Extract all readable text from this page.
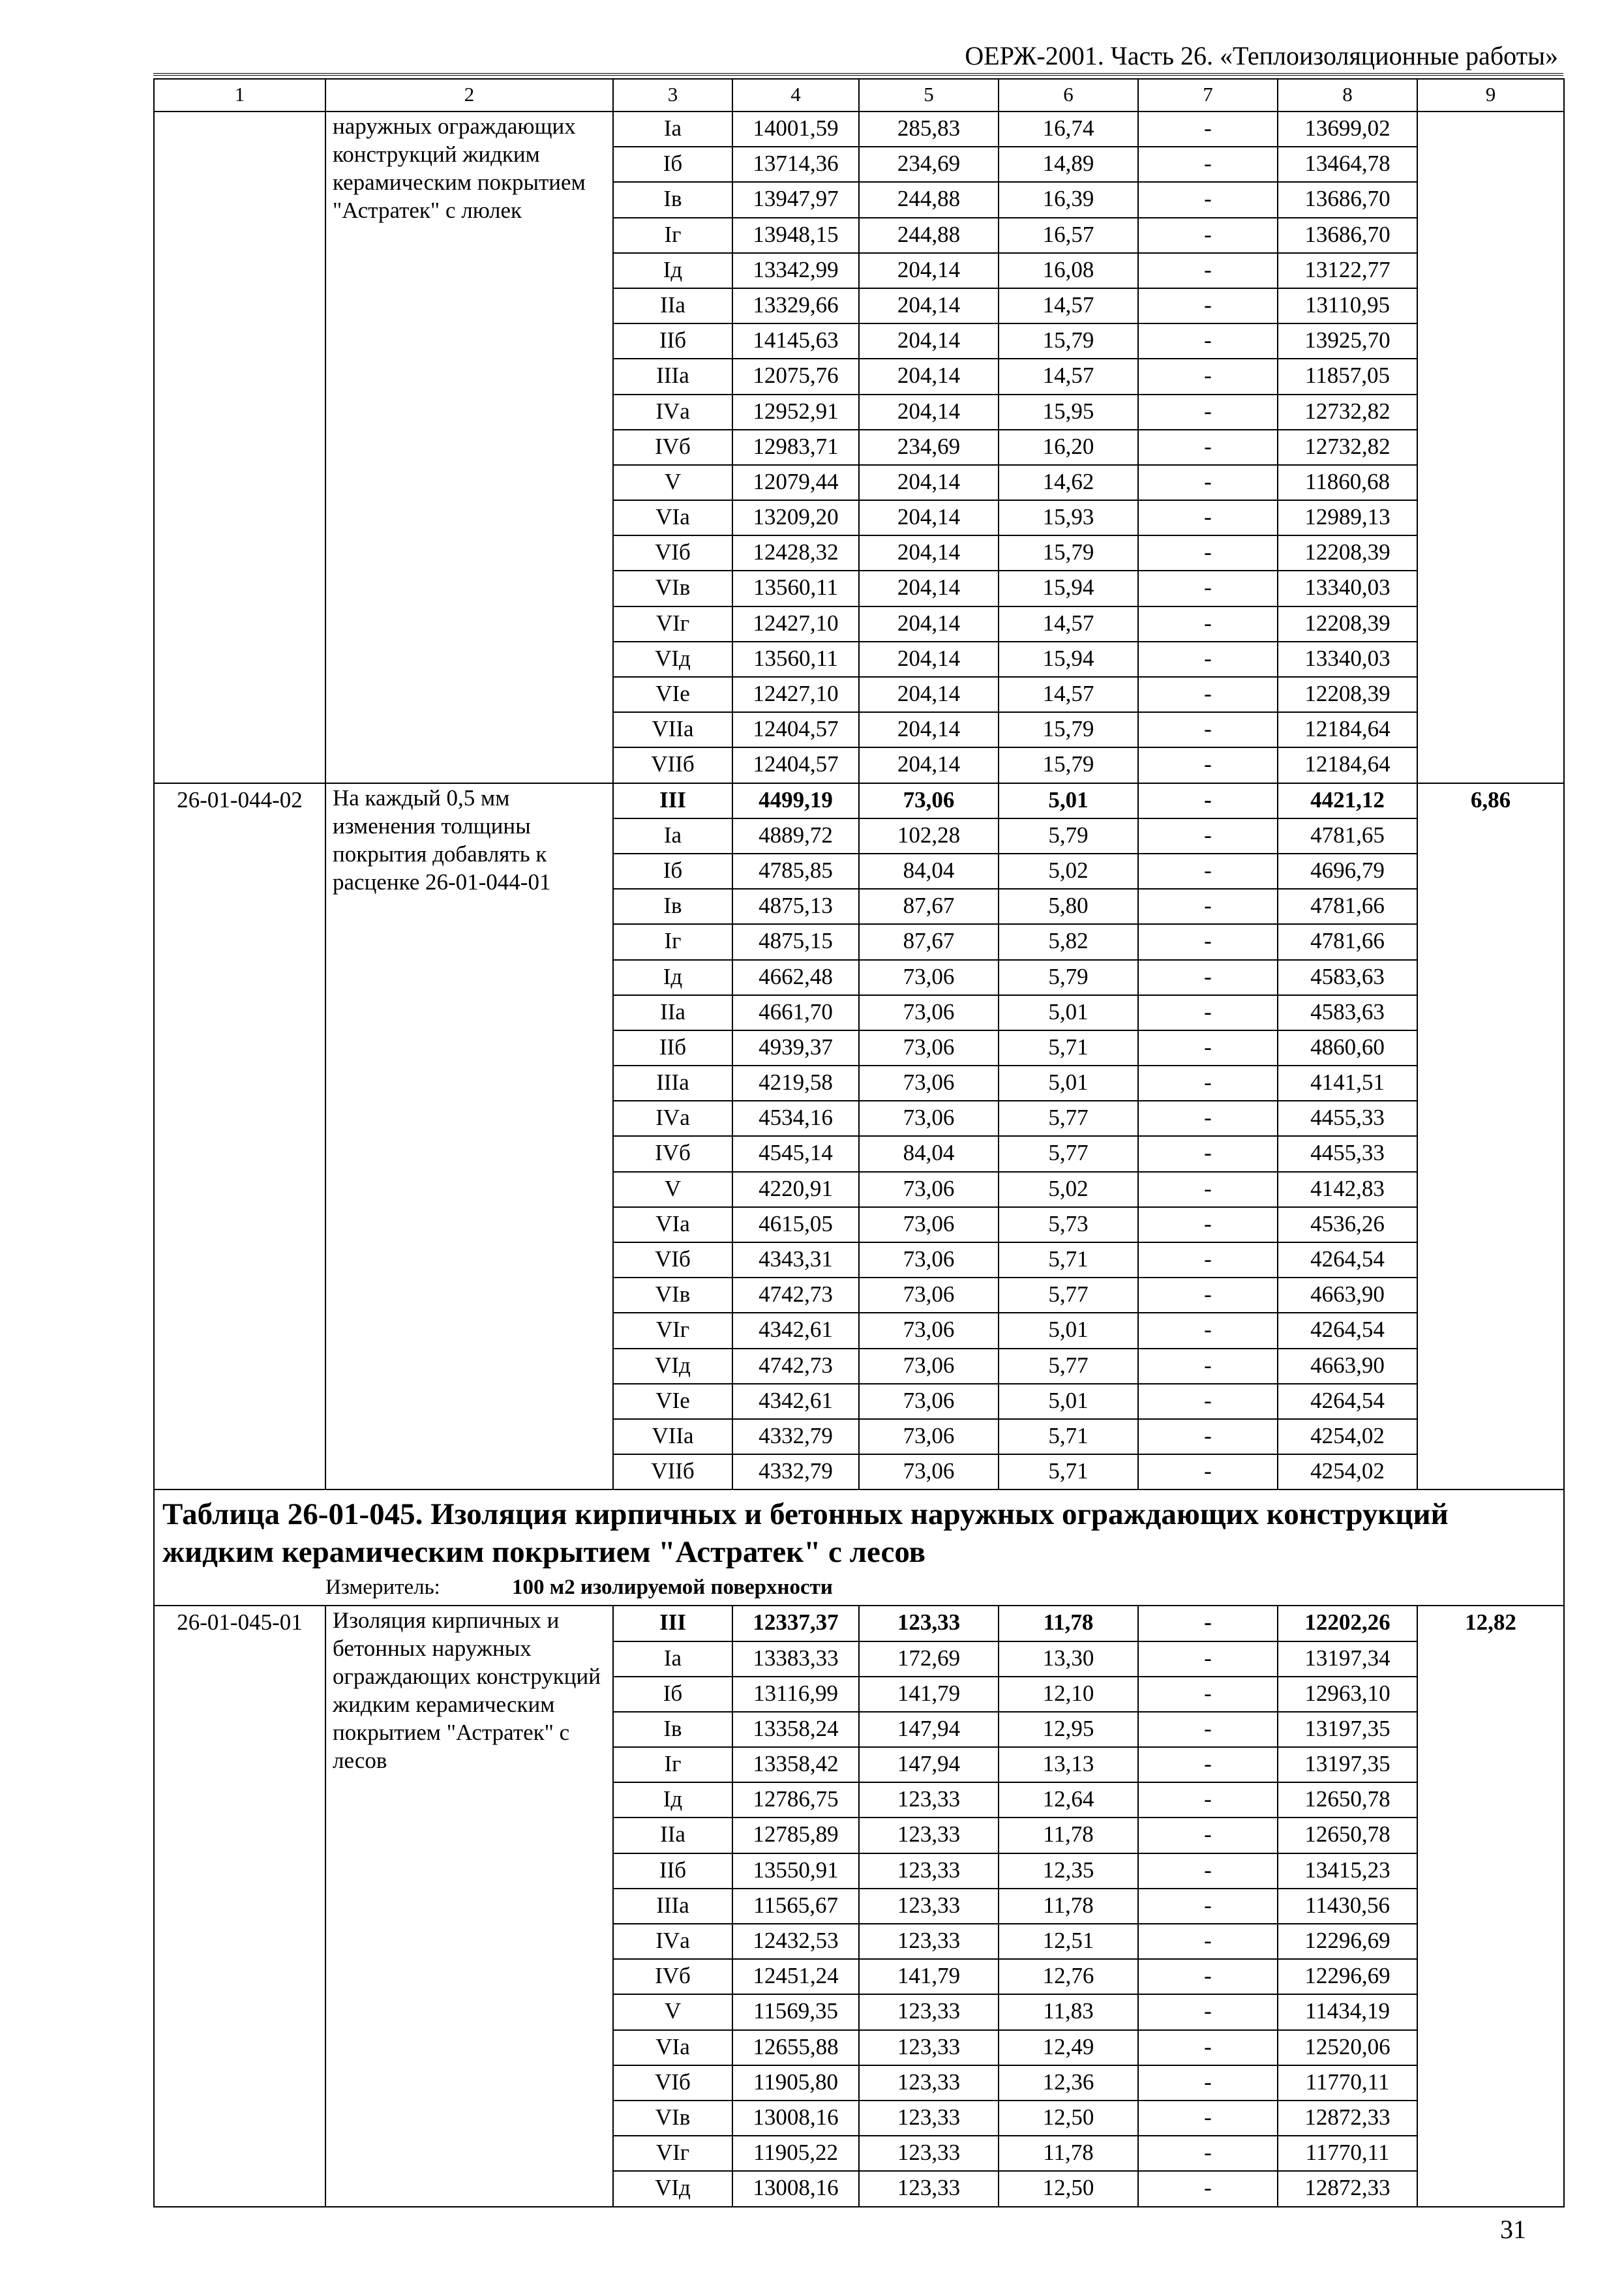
ОЕРЖ-2001. Часть 26. «Теплоизоляционные работы»
1	2	3	4	5	6	7	8	9
	наружных ограждающих конструкций жидким керамическим покрытием "Астратек" с люлек	Iа	14001,59	285,83	16,74	-	13699,02	
		Iб	13714,36	234,69	14,89	-	13464,78	
		Iв	13947,97	244,88	16,39	-	13686,70	
		Iг	13948,15	244,88	16,57	-	13686,70	
		Iд	13342,99	204,14	16,08	-	13122,77	
		IIа	13329,66	204,14	14,57	-	13110,95	
		IIб	14145,63	204,14	15,79	-	13925,70	
		IIIа	12075,76	204,14	14,57	-	11857,05	
		IVа	12952,91	204,14	15,95	-	12732,82	
		IVб	12983,71	234,69	16,20	-	12732,82	
		V	12079,44	204,14	14,62	-	11860,68	
		VIа	13209,20	204,14	15,93	-	12989,13	
		VIб	12428,32	204,14	15,79	-	12208,39	
		VIв	13560,11	204,14	15,94	-	13340,03	
		VIг	12427,10	204,14	14,57	-	12208,39	
		VIд	13560,11	204,14	15,94	-	13340,03	
		VIе	12427,10	204,14	14,57	-	12208,39	
		VIIа	12404,57	204,14	15,79	-	12184,64	
		VIIб	12404,57	204,14	15,79	-	12184,64	
26-01-044-02	На каждый 0,5 мм изменения толщины покрытия добавлять к расценке 26-01-044-01	III	4499,19	73,06	5,01	-	4421,12	6,86
		Iа	4889,72	102,28	5,79	-	4781,65	
		Iб	4785,85	84,04	5,02	-	4696,79	
		Iв	4875,13	87,67	5,80	-	4781,66	
		Iг	4875,15	87,67	5,82	-	4781,66	
		Iд	4662,48	73,06	5,79	-	4583,63	
		IIа	4661,70	73,06	5,01	-	4583,63	
		IIб	4939,37	73,06	5,71	-	4860,60	
		IIIа	4219,58	73,06	5,01	-	4141,51	
		IVа	4534,16	73,06	5,77	-	4455,33	
		IVб	4545,14	84,04	5,77	-	4455,33	
		V	4220,91	73,06	5,02	-	4142,83	
		VIа	4615,05	73,06	5,73	-	4536,26	
		VIб	4343,31	73,06	5,71	-	4264,54	
		VIв	4742,73	73,06	5,77	-	4663,90	
		VIг	4342,61	73,06	5,01	-	4264,54	
		VIд	4742,73	73,06	5,77	-	4663,90	
		VIе	4342,61	73,06	5,01	-	4264,54	
		VIIа	4332,79	73,06	5,71	-	4254,02	
		VIIб	4332,79	73,06	5,71	-	4254,02	

Таблица 26-01-045. Изоляция кирпичных и бетонных наружных ограждающих конструкций жидким керамическим покрытием "Астратек" с лесов
Измеритель: 100 м2 изолируемой поверхности								

26-01-045-01	Изоляция кирпичных и бетонных наружных ограждающих конструкций жидким керамическим покрытием "Астратек" с лесов	III	12337,37	123,33	11,78	-	12202,26	12,82
		Iа	13383,33	172,69	13,30	-	13197,34	
		Iб	13116,99	141,79	12,10	-	12963,10	
		Iв	13358,24	147,94	12,95	-	13197,35	
		Iг	13358,42	147,94	13,13	-	13197,35	
		Iд	12786,75	123,33	12,64	-	12650,78	
		IIа	12785,89	123,33	11,78	-	12650,78	
		IIб	13550,91	123,33	12,35	-	13415,23	
		IIIа	11565,67	123,33	11,78	-	11430,56	
		IVа	12432,53	123,33	12,51	-	12296,69	
		IVб	12451,24	141,79	12,76	-	12296,69	
		V	11569,35	123,33	11,83	-	11434,19	
		VIа	12655,88	123,33	12,49	-	12520,06	
		VIб	11905,80	123,33	12,36	-	11770,11	
		VIв	13008,16	123,33	12,50	-	12872,33	
		VIг	11905,22	123,33	11,78	-	11770,11	
		VIд	13008,16	123,33	12,50	-	12872,33	
31
